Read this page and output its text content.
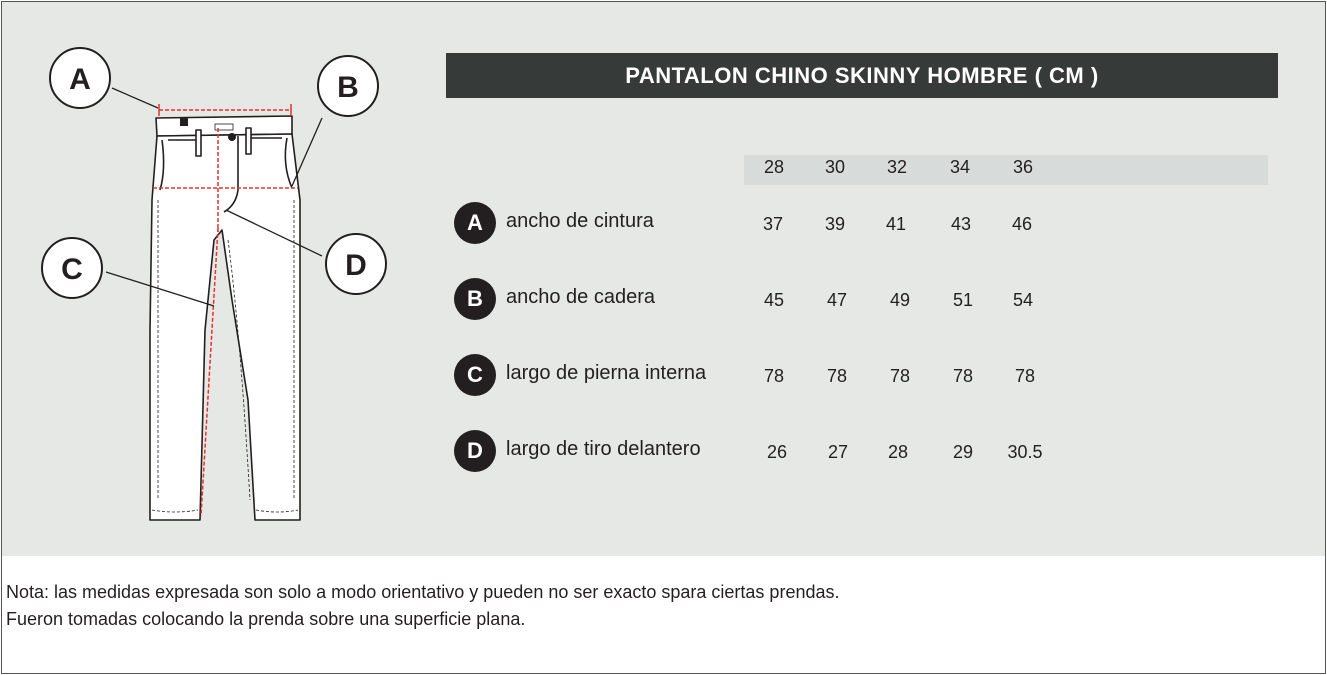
A	B
C	D
PANTALON CHINO SKINNY HOMBRE ( CM )
28	30	32	34	36
A	ancho de cintura	37	39	41	43	46
B	ancho de cadera	45	47	49	51	54
C	largo de pierna interna	78	78	78	78	78
D	largo de tiro delantero	26	27	28	29	30.5
Nota: las medidas expresada son solo a modo orientativo y pueden no ser exacto spara ciertas prendas.
Fueron tomadas colocando la prenda sobre una superficie plana.
